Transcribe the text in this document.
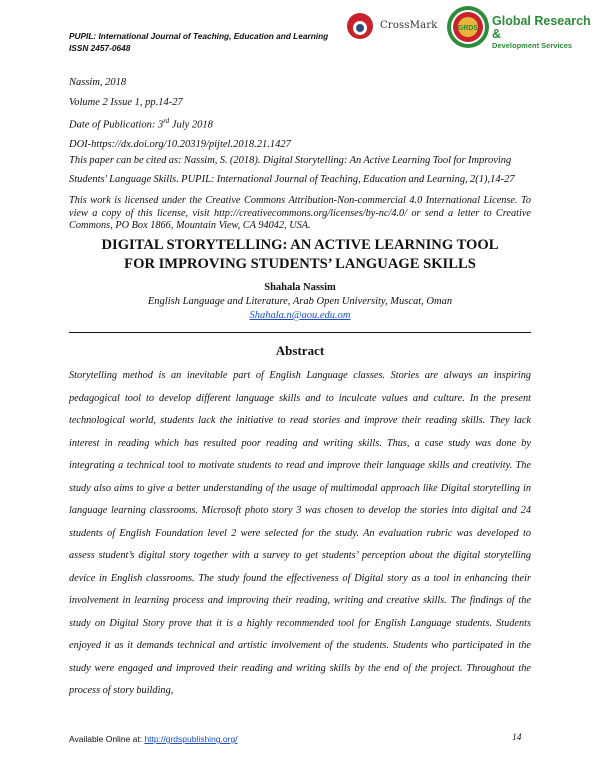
PUPIL: International Journal of Teaching, Education and Learning
ISSN 2457-0648
CrossMark	GRDS
Global Research &
Development Services
Nassim, 2018
Volume 2 Issue 1, pp.14-27
Date of Publication: 3rd July 2018
DOI-https://dx.doi.org/10.20319/pijtel.2018.21.1427
This paper can be cited as: Nassim, S. (2018). Digital Storytelling: An Active Learning Tool for Improving Students' Language Skills. PUPIL: International Journal of Teaching, Education and Learning, 2(1),14-27
This work is licensed under the Creative Commons Attribution-Non-commercial 4.0 International License. To view a copy of this license, visit http://creativecommons.org/licenses/by-nc/4.0/ or send a letter to Creative Commons, PO Box 1866, Mountain View, CA 94042, USA.
DIGITAL STORYTELLING: AN ACTIVE LEARNING TOOL
FOR IMPROVING STUDENTS’ LANGUAGE SKILLS
Shahala Nassim
English Language and Literature, Arab Open University, Muscat, Oman
Shahala.n@aou.edu.om
Abstract
Storytelling method is an inevitable part of English Language classes. Stories are always an inspiring pedagogical tool to develop different language skills and to inculcate values and culture. In the present technological world, students lack the initiative to read stories and improve their reading skills. They lack interest in reading which has resulted poor reading and writing skills. Thus, a case study was done by integrating a technical tool to motivate students to read and improve their language skills and creativity. The study also aims to give a better understanding of the usage of multimodal approach like Digital storytelling in language learning classrooms. Microsoft photo story 3 was chosen to develop the stories into digital and 24 students of English Foundation level 2 were selected for the study. An evaluation rubric was developed to assess student’s digital story together with a survey to get students’ perception about the digital storytelling device in English classrooms. The study found the effectiveness of Digital story as a tool in enhancing their involvement in learning process and improving their reading, writing and creative skills. The findings of the study on Digital Story prove that it is a highly recommended tool for English Language students. Students enjoyed it as it demands technical and artistic involvement of the students. Students who participated in the study were engaged and improved their reading and writing skills by the end of the project. Throughout the process of story building,
Available Online at: http://grdspublishing.org/	14
